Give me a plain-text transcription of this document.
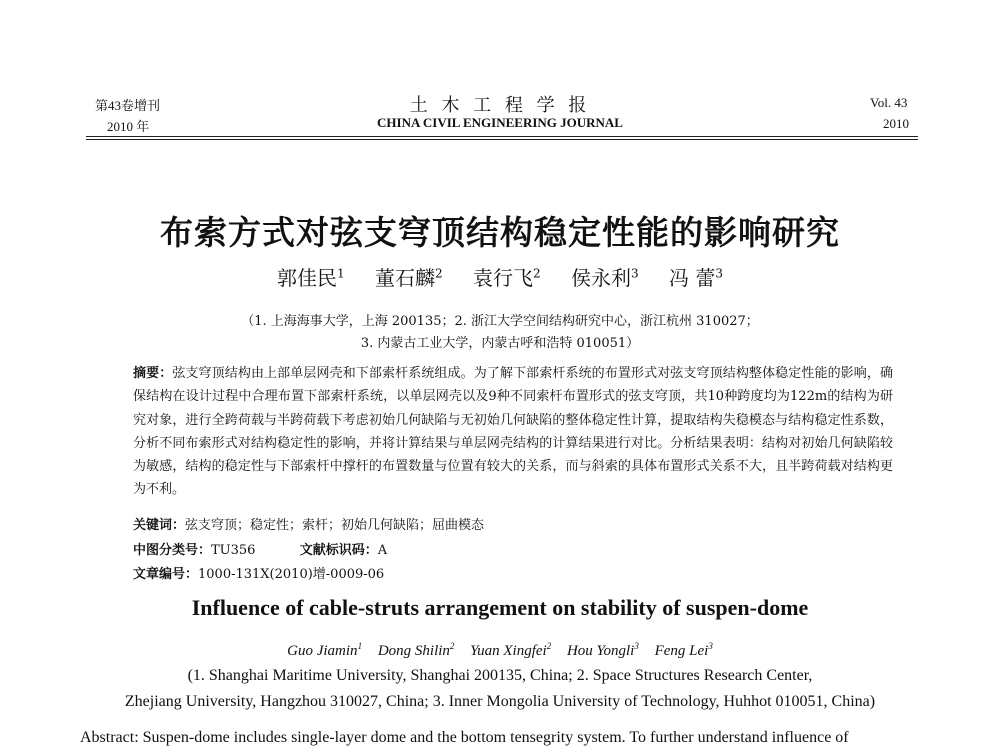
第43卷增刊
2010 年
土 木 工 程 学 报
CHINA CIVIL ENGINEERING JOURNAL
Vol. 43
2010
布索方式对弦支穹顶结构稳定性能的影响研究
郭佳民$^1$ 董石麟$^2$ 袁行飞$^2$ 侯永利$^3$ 冯 蕾$^3$
（1. 上海海事大学，上海 200135；2. 浙江大学空间结构研究中心，浙江杭州 310027；
3. 内蒙古工业大学，内蒙古呼和浩特 010051）

摘要：弦支穹顶结构由上部单层网壳和下部索杆系统组成。为了解下部索杆系统的布置形式对弦支穹顶结构整体稳定性能的影响，确保结构在设计过程中合理布置下部索杆系统，以单层网壳以及9种不同索杆布置形式的弦支穹顶，共10种跨度均为122m的结构为研究对象，进行全跨荷载与半跨荷载下考虑初始几何缺陷与无初始几何缺陷的整体稳定性计算，提取结构失稳模态与结构稳定性系数，分析不同布索形式对结构稳定性的影响，并将计算结果与单层网壳结构的计算结果进行对比。分析结果表明：结构对初始几何缺陷较为敏感，结构的稳定性与下部索杆中撑杆的布置数量与位置有较大的关系，而与斜索的具体布置形式关系不大，且半跨荷载对结构更为不利。

关键词：弦支穹顶；稳定性；索杆；初始几何缺陷；屈曲模态
中图分类号：TU356	文献标识码：A
文章编号：1000-131X(2010)增-0009-06
Influence of cable-struts arrangement on stability of suspen-dome
Guo Jiamin$^1$ Dong Shilin$^2$ Yuan Xingfei$^2$ Hou Yongli$^3$ Feng Lei$^3$
(1. Shanghai Maritime University, Shanghai 200135, China; 2. Space Structures Research Center,
Zhejiang University, Hangzhou 310027, China; 3. Inner Mongolia University of Technology, Huhhot 010051, China)
Abstract: Suspen-dome includes single-layer dome and the bottom tensegrity system. To further understand influence of
